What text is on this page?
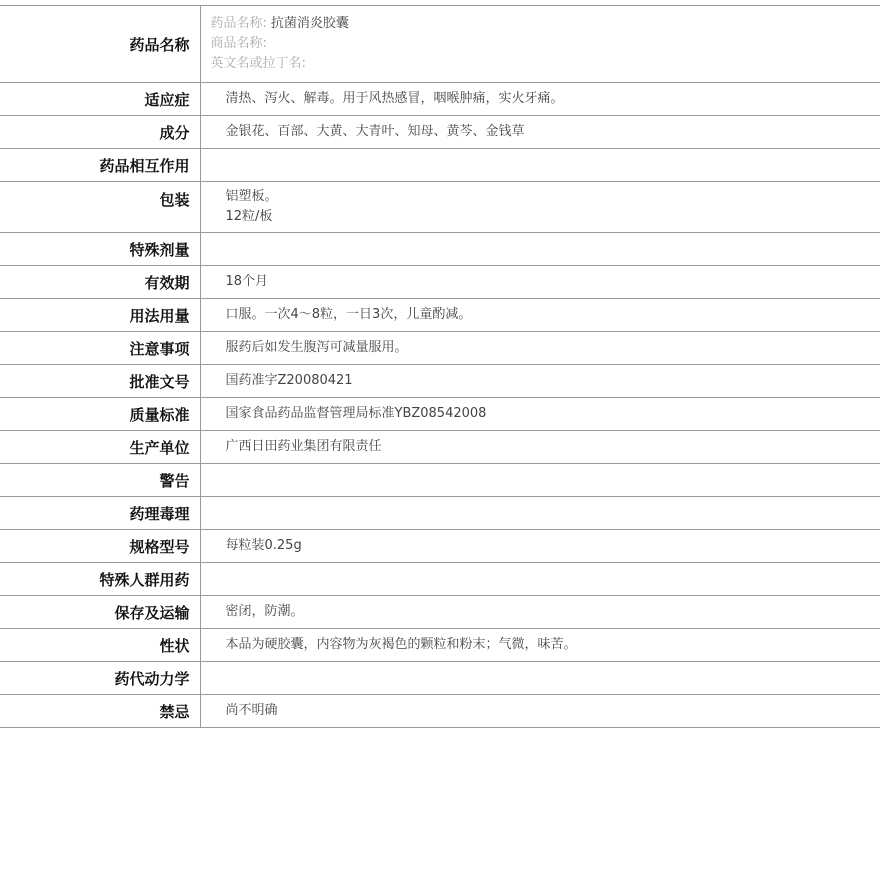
药品名称	药品名称: 抗菌消炎胶囊
商品名称:
英文名或拉丁名:

适应症	清热、泻火、解毒。用于风热感冒，咽喉肿痛，实火牙痛。
成分	金银花、百部、大黄、大青叶、知母、黄芩、金钱草
药品相互作用	
包装	铝塑板。
12粒/板

特殊剂量	
有效期	18个月
用法用量	口服。一次4～8粒，一日3次，儿童酌减。
注意事项	服药后如发生腹泻可减量服用。
批准文号	国药准字Z20080421
质量标准	国家食品药品监督管理局标准YBZ08542008
生产单位	广西日田药业集团有限责任
警告	
药理毒理	
规格型号	每粒装0.25g
特殊人群用药	
保存及运输	密闭，防潮。
性状	本品为硬胶囊，内容物为灰褐色的颗粒和粉末；气微，味苦。
药代动力学	
禁忌	尚不明确
